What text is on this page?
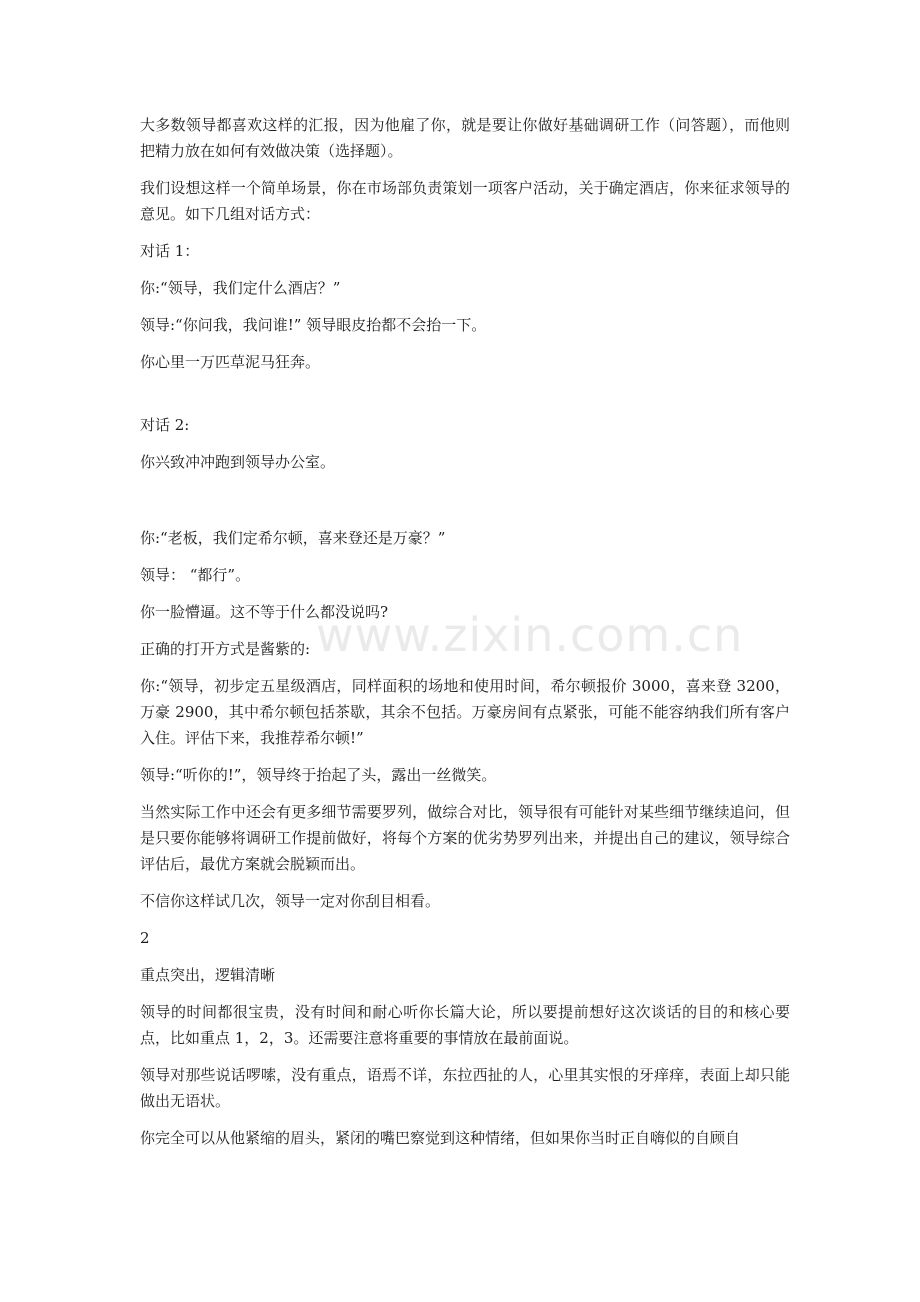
大多数领导都喜欢这样的汇报，因为他雇了你，就是要让你做好基础调研工作（问答题），而他则把精力放在如何有效做决策（选择题）。

我们设想这样一个简单场景，你在市场部负责策划一项客户活动，关于确定酒店，你来征求领导的意见。如下几组对话方式：

对话 1：

你:“领导，我们定什么酒店？”

领导:“你问我，我问谁!” 领导眼皮抬都不会抬一下。

你心里一万匹草泥马狂奔。

对话 2:

你兴致冲冲跑到领导办公室。

你:“老板，我们定希尔顿，喜来登还是万豪？”

领导： “都行”。

你一脸懵逼。这不等于什么都没说吗?

正确的打开方式是酱紫的:

你:“领导，初步定五星级酒店，同样面积的场地和使用时间，希尔顿报价 3000，喜来登 3200，万豪 2900，其中希尔顿包括茶歇，其余不包括。万豪房间有点紧张，可能不能容纳我们所有客户入住。评估下来，我推荐希尔顿!”

领导:“听你的!”，领导终于抬起了头，露出一丝微笑。

当然实际工作中还会有更多细节需要罗列，做综合对比，领导很有可能针对某些细节继续追问，但是只要你能够将调研工作提前做好，将每个方案的优劣势罗列出来，并提出自己的建议，领导综合评估后，最优方案就会脱颖而出。

不信你这样试几次，领导一定对你刮目相看。

2

重点突出，逻辑清晰

领导的时间都很宝贵，没有时间和耐心听你长篇大论，所以要提前想好这次谈话的目的和核心要点，比如重点 1，2，3。还需要注意将重要的事情放在最前面说。

领导对那些说话啰嗦，没有重点，语焉不详，东拉西扯的人，心里其实恨的牙痒痒，表面上却只能做出无语状。

你完全可以从他紧缩的眉头，紧闭的嘴巴察觉到这种情绪，但如果你当时正自嗨似的自顾自

www.zixin.com.cn
